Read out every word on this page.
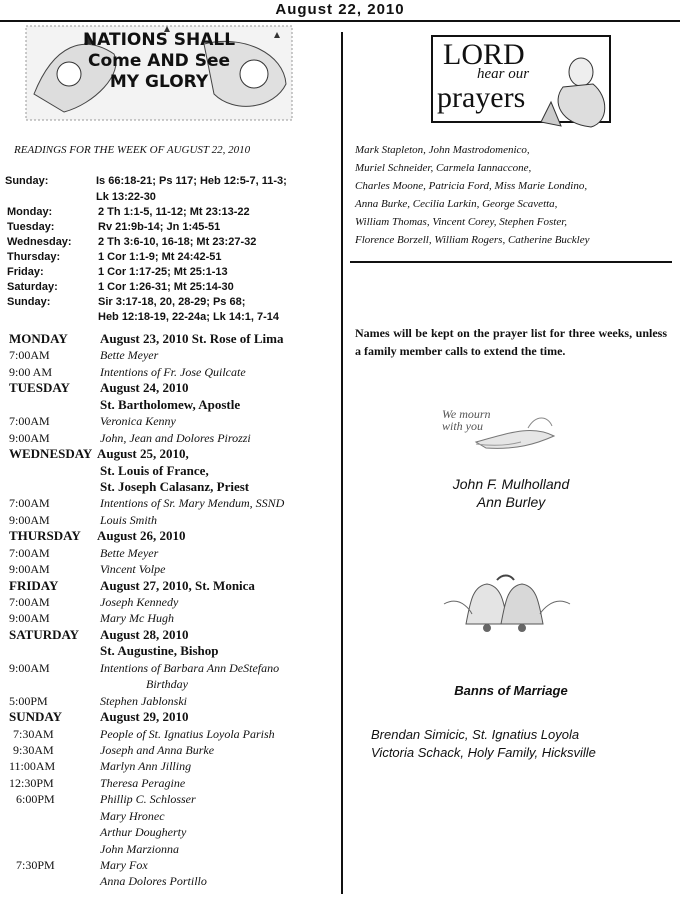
August 22, 2010
NATIONS SHALL Come AND See MY GLORY
LORD
hear our
prayers
READINGS FOR THE WEEK OF AUGUST 22, 2010
Sunday:	Is 66:18-21; Ps 117; Heb 12:5-7, 11-3;
Lk 13:22-30
Monday:	2 Th 1:1-5, 11-12; Mt 23:13-22
Tuesday:	Rv 21:9b-14; Jn 1:45-51
Wednesday: 2 Th 3:6-10, 16-18; Mt 23:27-32
Thursday:	1 Cor 1:1-9; Mt 24:42-51
Friday:	1 Cor 1:17-25; Mt 25:1-13
Saturday:	1 Cor 1:26-31; Mt 25:14-30
Sunday:	Sir 3:17-18, 20, 28-29; Ps 68;
Heb 12:18-19, 22-24a; Lk 14:1, 7-14
MONDAY August 23, 2010 St. Rose of Lima
7:00AM	Bette Meyer
9:00 AM	Intentions of Fr. Jose Quilcate
TUESDAY August 24, 2010
St. Bartholomew, Apostle
7:00AM	Veronica Kenny
9:00AM	John, Jean and Dolores Pirozzi
WEDNESDAY August 25, 2010,
St. Louis of France,
St. Joseph Calasanz, Priest
7:00AM	Intentions of Sr. Mary Mendum, SSND
9:00AM	Louis Smith
THURSDAY August 26, 2010
7:00AM	Bette Meyer
9:00AM	Vincent Volpe
FRIDAY	August 27, 2010, St. Monica
7:00AM	Joseph Kennedy
9:00AM	Mary Mc Hugh
SATURDAY August 28, 2010
St. Augustine, Bishop
9:00AM	Intentions of Barbara Ann DeStefano
Birthday
5:00PM	Stephen Jablonski
SUNDAY	August 29, 2010
7:30AM	People of St. Ignatius Loyola Parish
9:30AM	Joseph and Anna Burke
11:00AM	Marlyn Ann Jilling
12:30PM	Theresa Peragine
6:00PM	Phillip C. Schlosser
Mary Hronec
Arthur Dougherty
John Marzionna
7:30PM	Mary Fox
Anna Dolores Portillo
Mark Stapleton, John Mastrodomenico,
Muriel Schneider, Carmela Iannaccone,
Charles Moone, Patricia Ford, Miss Marie Londino,
Anna Burke, Cecilia Larkin, George Scavetta,
William Thomas, Vincent Corey, Stephen Foster,
Florence Borzell, William Rogers, Catherine Buckley
Names will be kept on the prayer list for three weeks, unless a family member calls to extend the time.
We mourn with you
John F. Mulholland
Ann Burley
Banns of Marriage
Brendan Simicic, St. Ignatius Loyola
Victoria Schack, Holy Family, Hicksville
